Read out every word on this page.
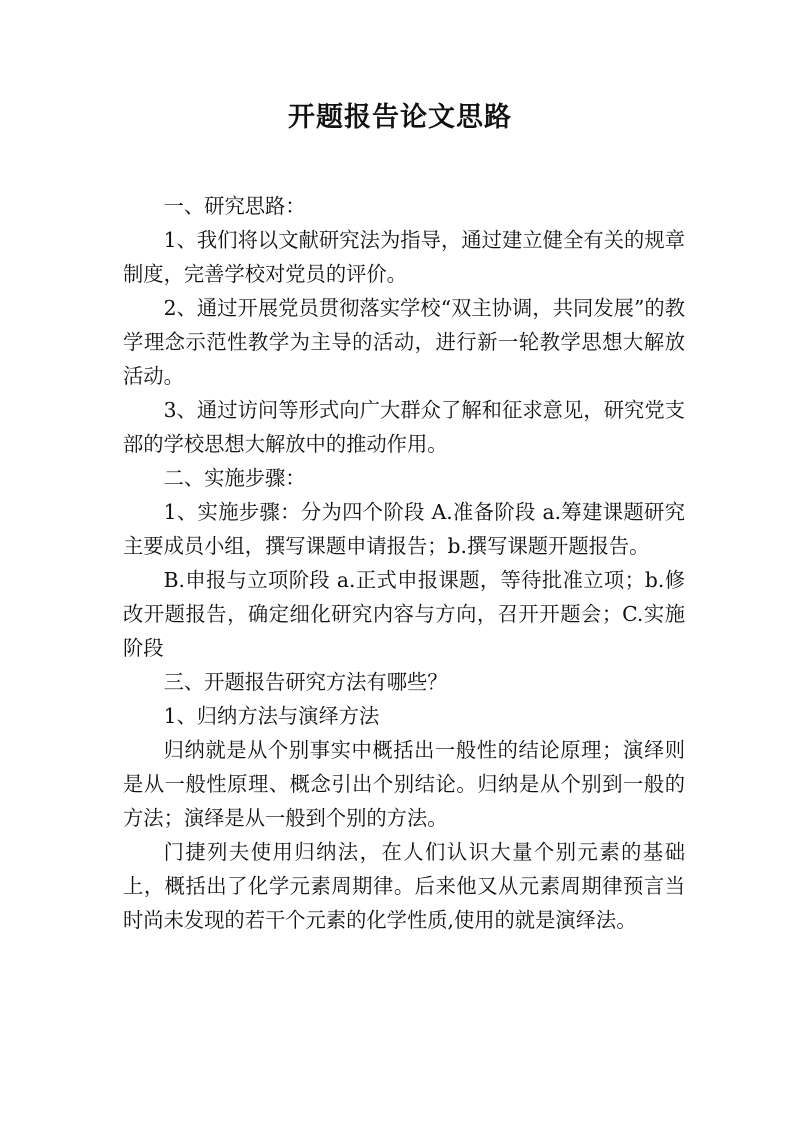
开题报告论文思路

一、研究思路：

1、我们将以文献研究法为指导，通过建立健全有关的规章制度，完善学校对党员的评价。

2、通过开展党员贯彻落实学校“双主协调，共同发展”的教学理念示范性教学为主导的活动，进行新一轮教学思想大解放活动。

3、通过访问等形式向广大群众了解和征求意见，研究党支部的学校思想大解放中的推动作用。

二、实施步骤：

1、实施步骤：分为四个阶段 A.准备阶段 a.筹建课题研究主要成员小组，撰写课题申请报告；b.撰写课题开题报告。

B.申报与立项阶段 a.正式申报课题，等待批准立项；b.修改开题报告，确定细化研究内容与方向，召开开题会；C.实施阶段

三、开题报告研究方法有哪些？

1、归纳方法与演绎方法

归纳就是从个别事实中概括出一般性的结论原理；演绎则是从一般性原理、概念引出个别结论。归纳是从个别到一般的方法；演绎是从一般到个别的方法。

门捷列夫使用归纳法，在人们认识大量个别元素的基础上，概括出了化学元素周期律。后来他又从元素周期律预言当时尚未发现的若干个元素的化学性质,使用的就是演绎法。
